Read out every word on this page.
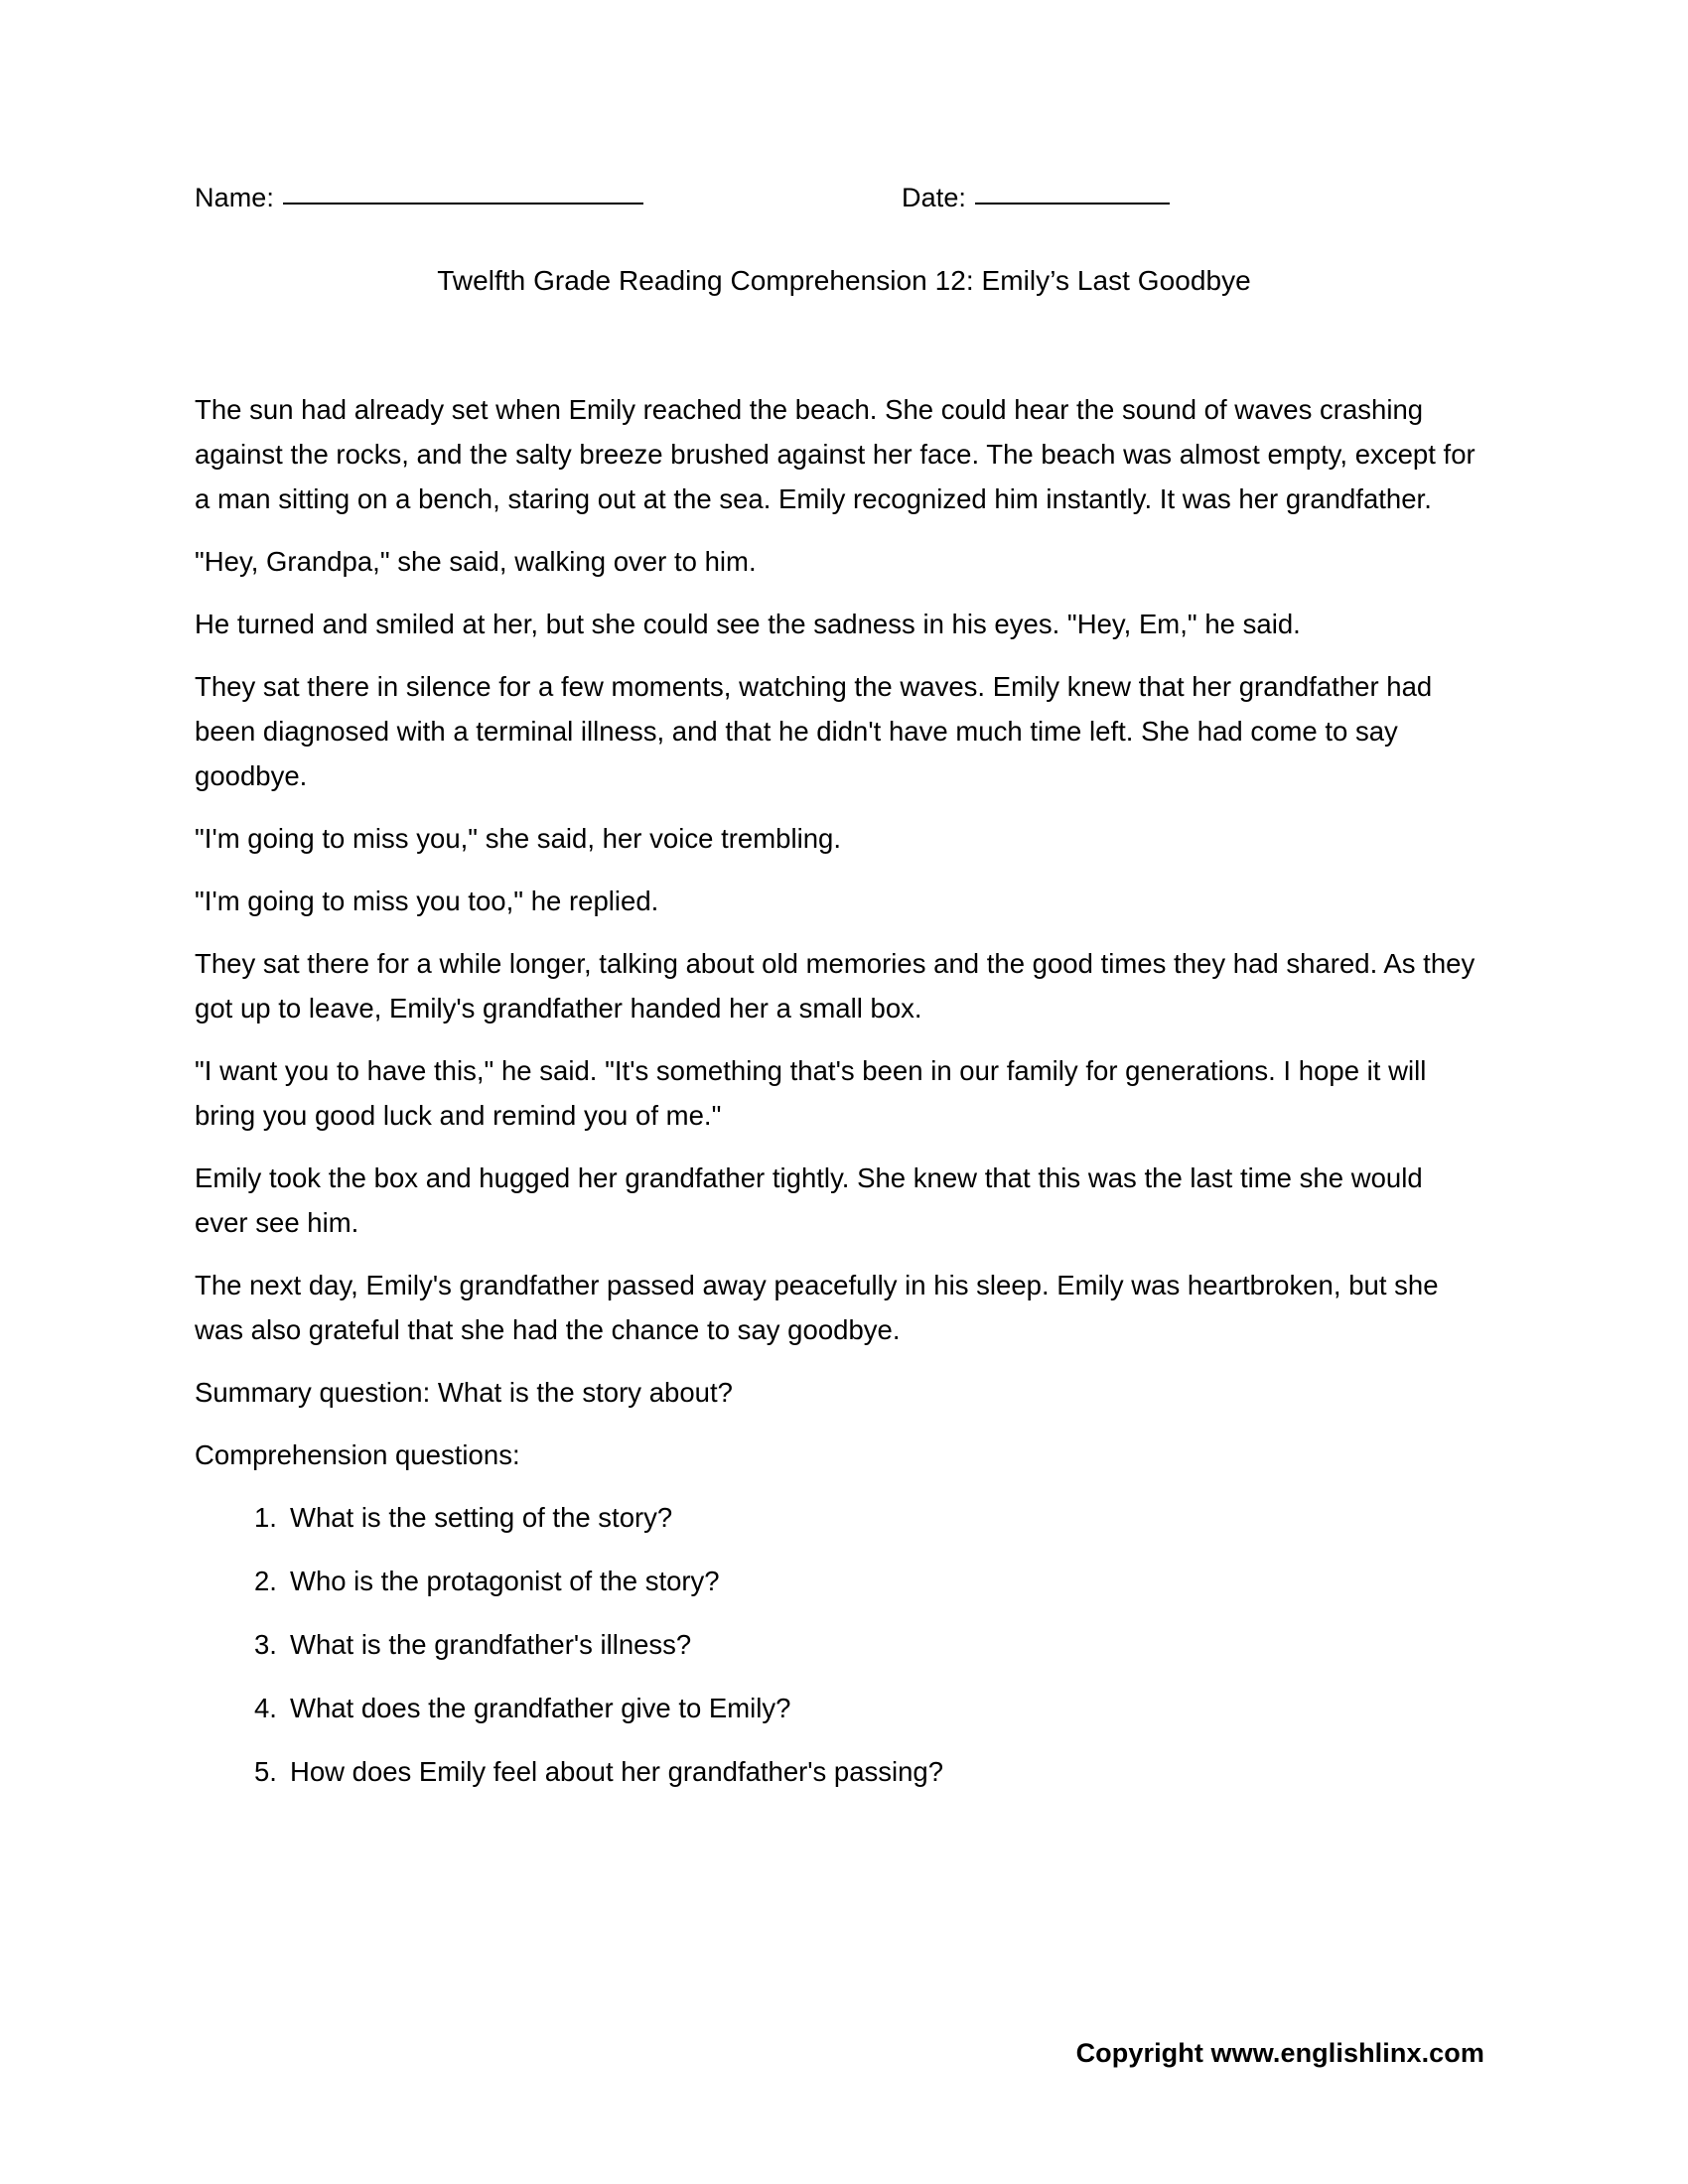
Name:	Date:
Twelfth Grade Reading Comprehension 12: Emily’s Last Goodbye

The sun had already set when Emily reached the beach. She could hear the sound of waves crashing against the rocks, and the salty breeze brushed against her face. The beach was almost empty, except for a man sitting on a bench, staring out at the sea. Emily recognized him instantly. It was her grandfather.

"Hey, Grandpa," she said, walking over to him.

He turned and smiled at her, but she could see the sadness in his eyes. "Hey, Em," he said.

They sat there in silence for a few moments, watching the waves. Emily knew that her grandfather had been diagnosed with a terminal illness, and that he didn't have much time left. She had come to say goodbye.

"I'm going to miss you," she said, her voice trembling.

"I'm going to miss you too," he replied.

They sat there for a while longer, talking about old memories and the good times they had shared. As they got up to leave, Emily's grandfather handed her a small box.

"I want you to have this," he said. "It's something that's been in our family for generations. I hope it will bring you good luck and remind you of me."

Emily took the box and hugged her grandfather tightly. She knew that this was the last time she would ever see him.

The next day, Emily's grandfather passed away peacefully in his sleep. Emily was heartbroken, but she was also grateful that she had the chance to say goodbye.

Summary question: What is the story about?

Comprehension questions:

1. What is the setting of the story?
2. Who is the protagonist of the story?
3. What is the grandfather's illness?
4. What does the grandfather give to Emily?
5. How does Emily feel about her grandfather's passing?
Copyright www.englishlinx.com
